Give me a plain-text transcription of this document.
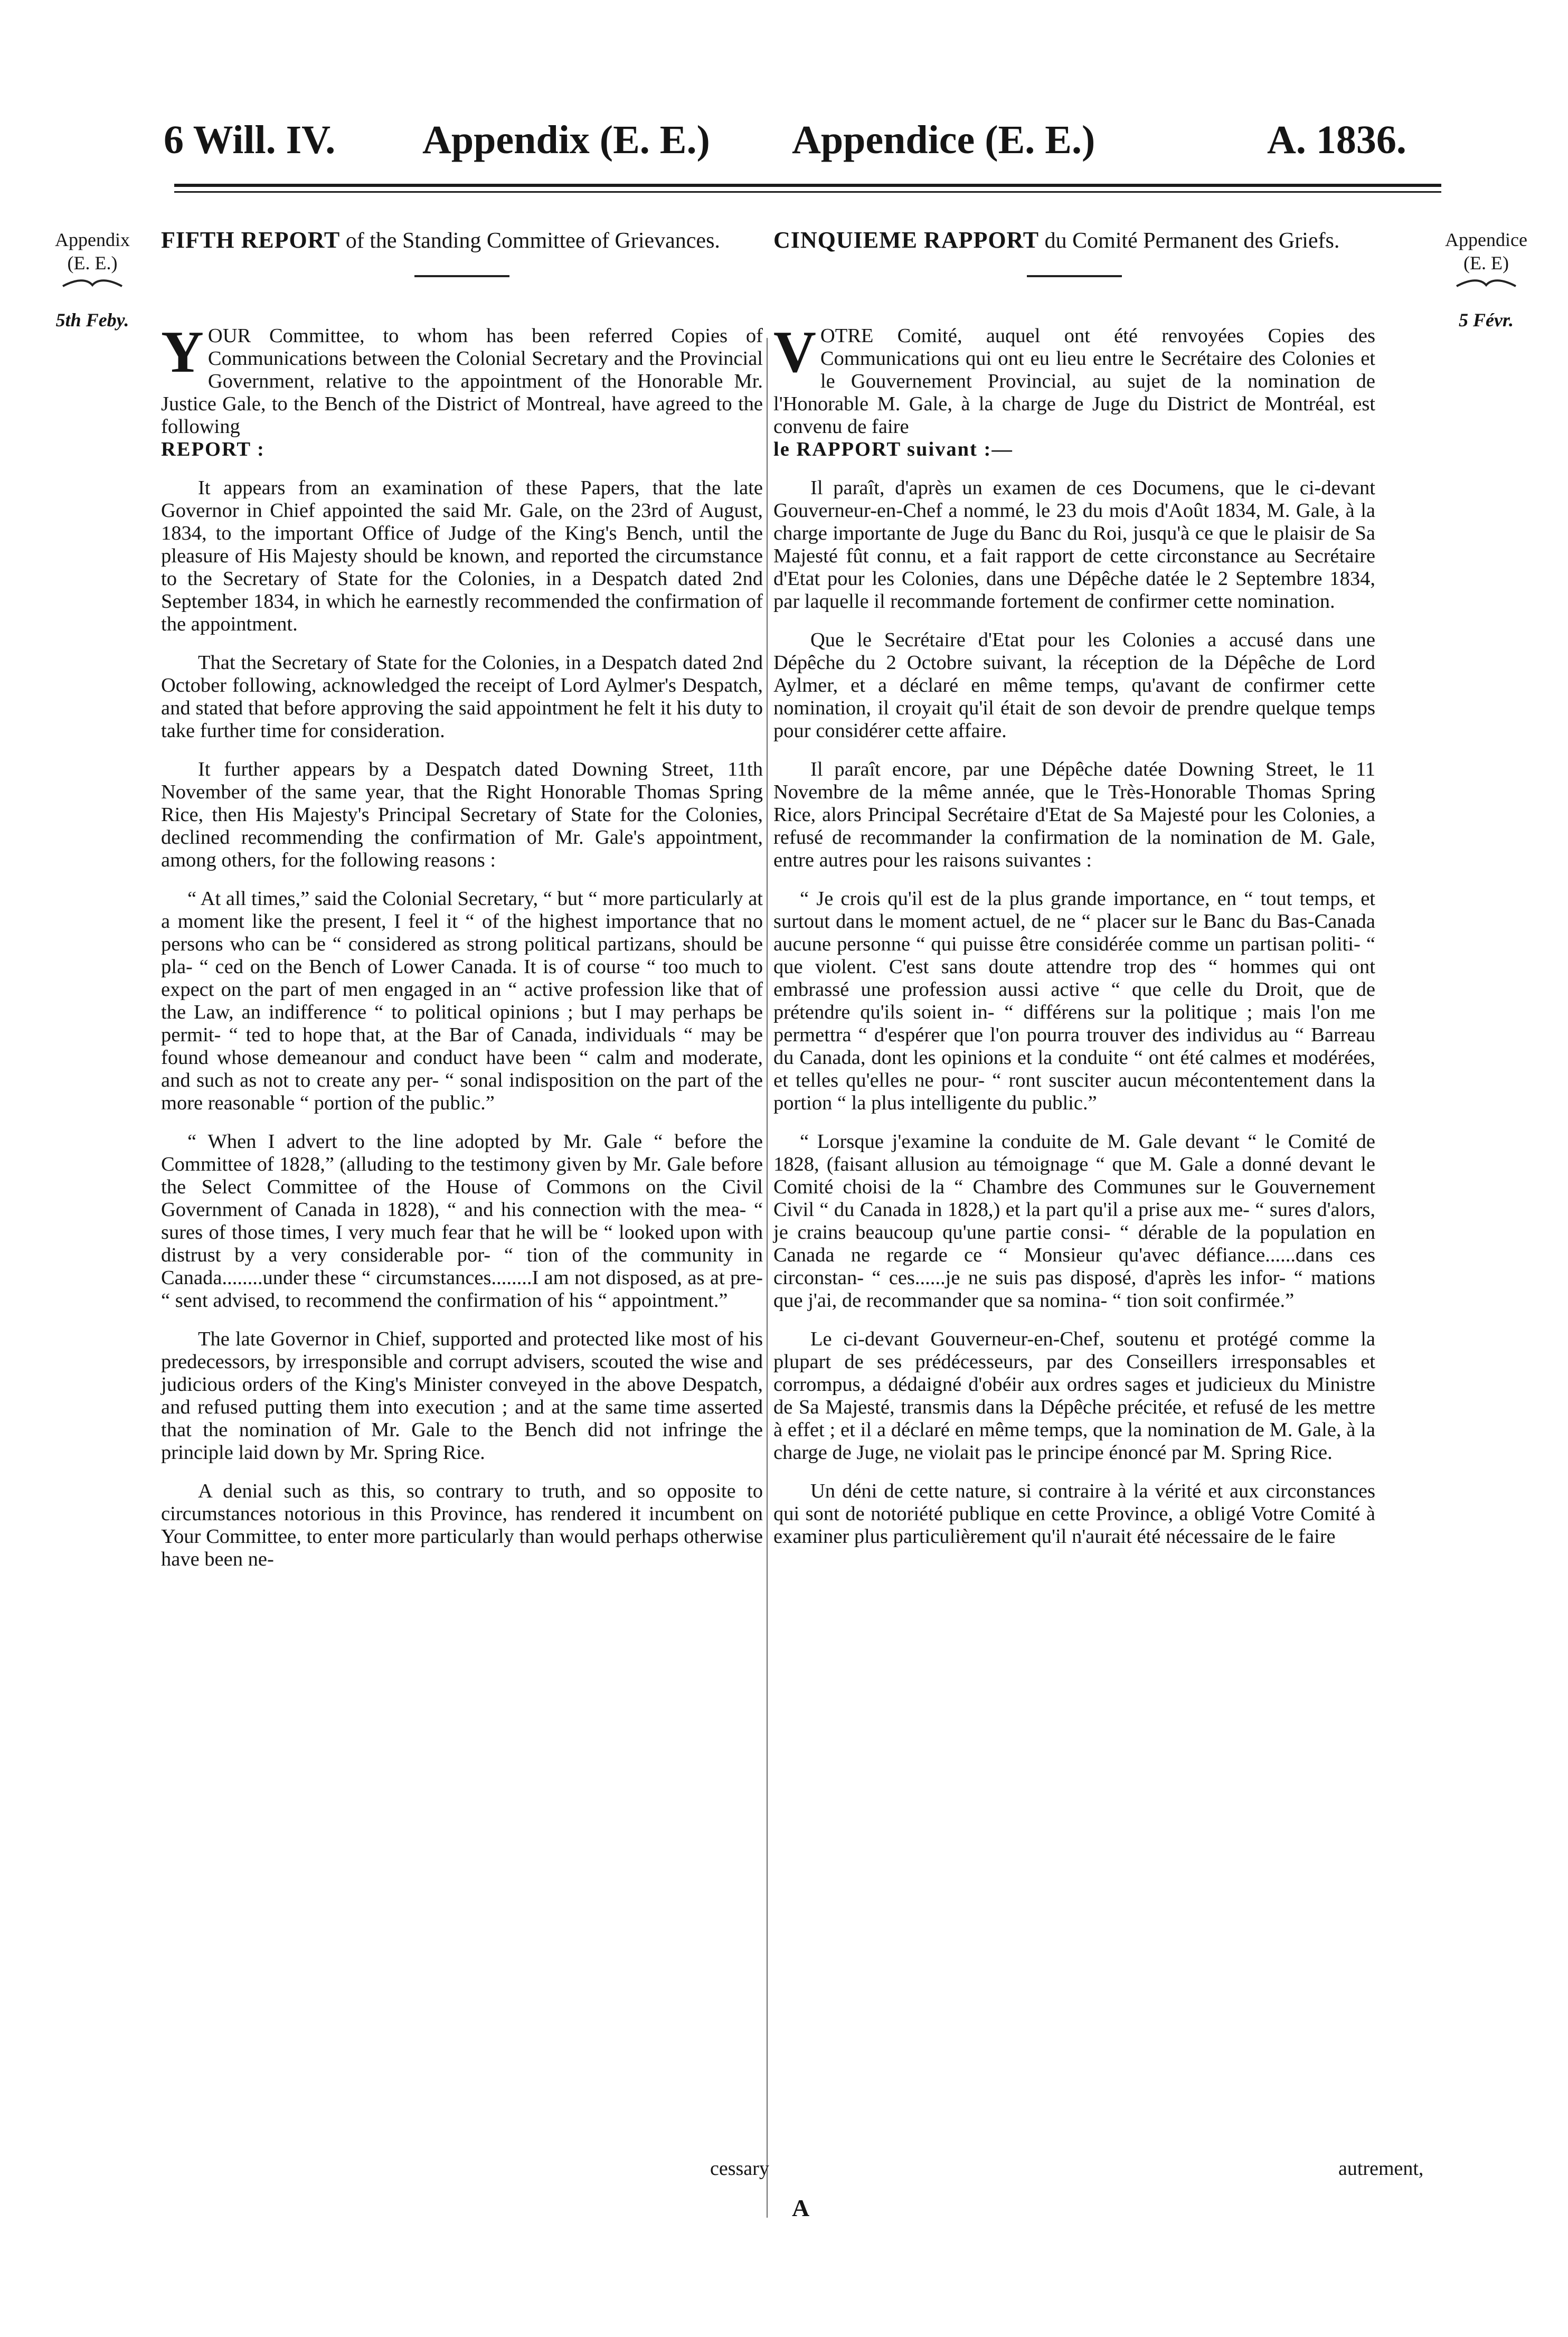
6 Will. IV. Appendix (E. E.) Appendice (E. E.)	A. 1836.
Appendix
(E. E.)
5th Feby.
Appendice
(E. E)
5 Févr.
FIFTH REPORT of the Standing Committee of Grievances.

YOUR Committee, to whom has been referred Copies of Communications between the Colonial Secretary and the Provincial Government, relative to the appointment of the Honorable Mr. Justice Gale, to the Bench of the District of Montreal, have agreed to the following
REPORT :

It appears from an examination of these Papers, that the late Governor in Chief appointed the said Mr. Gale, on the 23rd of August, 1834, to the important Office of Judge of the King's Bench, until the pleasure of His Majesty should be known, and reported the circumstance to the Secretary of State for the Colonies, in a Despatch dated 2nd September 1834, in which he earnestly recommended the confirmation of the appointment.

That the Secretary of State for the Colonies, in a Despatch dated 2nd October following, acknowledged the receipt of Lord Aylmer's Despatch, and stated that before approving the said appointment he felt it his duty to take further time for consideration.

It further appears by a Despatch dated Downing Street, 11th November of the same year, that the Right Honorable Thomas Spring Rice, then His Majesty's Principal Secretary of State for the Colonies, declined recommending the confirmation of Mr. Gale's appointment, among others, for the following reasons :

“ At all times,” said the Colonial Secretary, “ but “ more particularly at a moment like the present, I feel it “ of the highest importance that no persons who can be “ considered as strong political partizans, should be pla- “ ced on the Bench of Lower Canada. It is of course “ too much to expect on the part of men engaged in an “ active profession like that of the Law, an indifference “ to political opinions ; but I may perhaps be permit- “ ted to hope that, at the Bar of Canada, individuals “ may be found whose demeanour and conduct have been “ calm and moderate, and such as not to create any per- “ sonal indisposition on the part of the more reasonable “ portion of the public.”

“ When I advert to the line adopted by Mr. Gale “ before the Committee of 1828,” (alluding to the testimony given by Mr. Gale before the Select Committee of the House of Commons on the Civil Government of Canada in 1828), “ and his connection with the mea- “ sures of those times, I very much fear that he will be “ looked upon with distrust by a very considerable por- “ tion of the community in Canada........under these “ circumstances........I am not disposed, as at pre- “ sent advised, to recommend the confirmation of his “ appointment.”

The late Governor in Chief, supported and protected like most of his predecessors, by irresponsible and corrupt advisers, scouted the wise and judicious orders of the King's Minister conveyed in the above Despatch, and refused putting them into execution ; and at the same time asserted that the nomination of Mr. Gale to the Bench did not infringe the principle laid down by Mr. Spring Rice.

A denial such as this, so contrary to truth, and so opposite to circumstances notorious in this Province, has rendered it incumbent on Your Committee, to enter more particularly than would perhaps otherwise have been ne-

CINQUIEME RAPPORT du Comité Permanent des Griefs.

VOTRE Comité, auquel ont été renvoyées Copies des Communications qui ont eu lieu entre le Secrétaire des Colonies et le Gouvernement Provincial, au sujet de la nomination de l'Honorable M. Gale, à la charge de Juge du District de Montréal, est convenu de faire
le RAPPORT suivant :—

Il paraît, d'après un examen de ces Documens, que le ci-devant Gouverneur-en-Chef a nommé, le 23 du mois d'Août 1834, M. Gale, à la charge importante de Juge du Banc du Roi, jusqu'à ce que le plaisir de Sa Majesté fût connu, et a fait rapport de cette circonstance au Secrétaire d'Etat pour les Colonies, dans une Dépêche datée le 2 Septembre 1834, par laquelle il recommande fortement de confirmer cette nomination.

Que le Secrétaire d'Etat pour les Colonies a accusé dans une Dépêche du 2 Octobre suivant, la réception de la Dépêche de Lord Aylmer, et a déclaré en même temps, qu'avant de confirmer cette nomination, il croyait qu'il était de son devoir de prendre quelque temps pour considérer cette affaire.

Il paraît encore, par une Dépêche datée Downing Street, le 11 Novembre de la même année, que le Très-Honorable Thomas Spring Rice, alors Principal Secrétaire d'Etat de Sa Majesté pour les Colonies, a refusé de recommander la confirmation de la nomination de M. Gale, entre autres pour les raisons suivantes :

“ Je crois qu'il est de la plus grande importance, en “ tout temps, et surtout dans le moment actuel, de ne “ placer sur le Banc du Bas-Canada aucune personne “ qui puisse être considérée comme un partisan politi- “ que violent. C'est sans doute attendre trop des “ hommes qui ont embrassé une profession aussi active “ que celle du Droit, que de prétendre qu'ils soient in- “ différens sur la politique ; mais l'on me permettra “ d'espérer que l'on pourra trouver des individus au “ Barreau du Canada, dont les opinions et la conduite “ ont été calmes et modérées, et telles qu'elles ne pour- “ ront susciter aucun mécontentement dans la portion “ la plus intelligente du public.”

“ Lorsque j'examine la conduite de M. Gale devant “ le Comité de 1828, (faisant allusion au témoignage “ que M. Gale a donné devant le Comité choisi de la “ Chambre des Communes sur le Gouvernement Civil “ du Canada in 1828,) et la part qu'il a prise aux me- “ sures d'alors, je crains beaucoup qu'une partie consi- “ dérable de la population en Canada ne regarde ce “ Monsieur qu'avec défiance......dans ces circonstan- “ ces......je ne suis pas disposé, d'après les infor- “ mations que j'ai, de recommander que sa nomina- “ tion soit confirmée.”

Le ci-devant Gouverneur-en-Chef, soutenu et protégé comme la plupart de ses prédécesseurs, par des Conseillers irresponsables et corrompus, a dédaigné d'obéir aux ordres sages et judicieux du Ministre de Sa Majesté, transmis dans la Dépêche précitée, et refusé de les mettre à effet ; et il a déclaré en même temps, que la nomination de M. Gale, à la charge de Juge, ne violait pas le principe énoncé par M. Spring Rice.

Un déni de cette nature, si contraire à la vérité et aux circonstances qui sont de notoriété publique en cette Province, a obligé Votre Comité à examiner plus particulièrement qu'il n'aurait été nécessaire de le faire

cessary	autrement,
A
